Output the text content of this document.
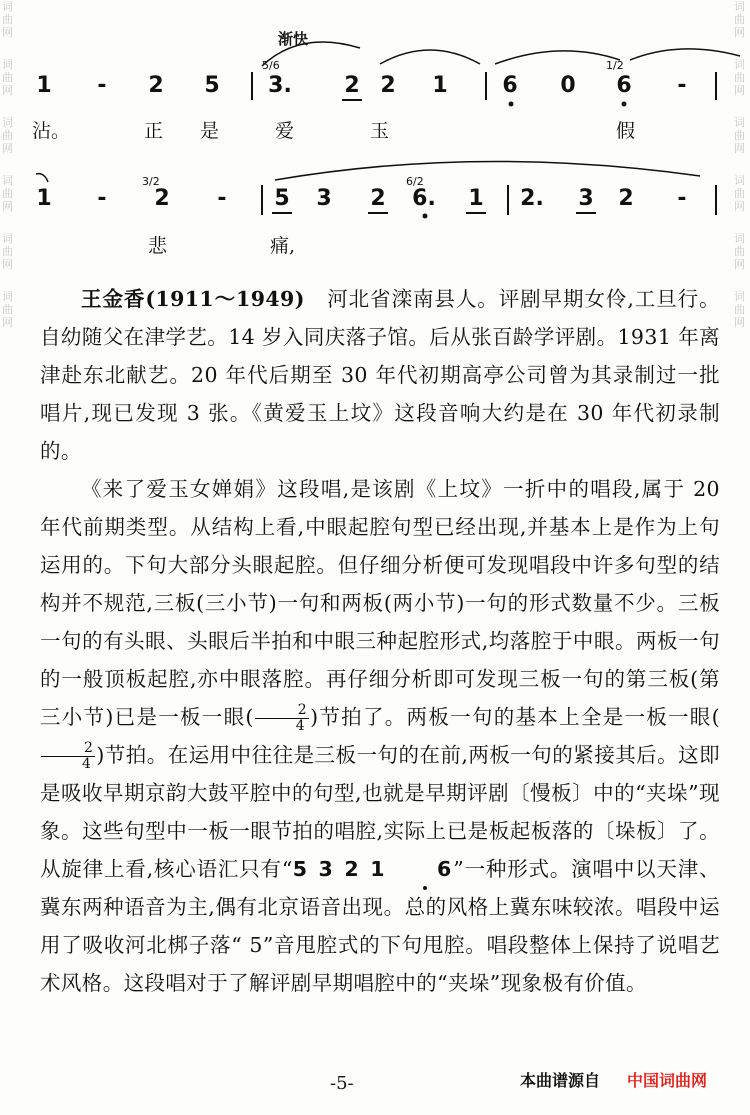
词
曲
网
词
曲
网
词
曲
网
词
曲
网
词
曲
网
词
曲
网
词
曲
网
词
曲
网
词
曲
网
词
曲
网
词
曲
网
词
曲
网
渐快
1	-	2 5 3. 2 2 1 6 0 6	-
沾。	正 是	爱	玉	假
1	-	2	-	5 3 2 6. 1 2. 3 2	-
悲	痛,
5/6	1/2
3/2	6/2

王金香(1911～1949) 河北省滦南县人。评剧早期女伶,工旦行。自幼随父在津学艺。14 岁入同庆落子馆。后从张百龄学评剧。1931 年离津赴东北献艺。20 年代后期至 30 年代初期高亭公司曾为其录制过一批唱片,现已发现 3 张。《黄爱玉上坟》这段音响大约是在 30 年代初录制的。

《来了爱玉女婵娟》这段唱,是该剧《上坟》一折中的唱段,属于 20 年代前期类型。从结构上看,中眼起腔句型已经出现,并基本上是作为上句运用的。下句大部分头眼起腔。但仔细分析便可发现唱段中许多句型的结构并不规范,三板(三小节)一句和两板(两小节)一句的形式数量不少。三板一句的有头眼、头眼后半拍和中眼三种起腔形式,均落腔于中眼。两板一句的一般顶板起腔,亦中眼落腔。再仔细分析即可发现三板一句的第三板(第三小节)已是一板一眼( $\frac{2}{4}$ )节拍了。两板一句的基本上全是一板一眼(
$\frac{2}{4}$ )节拍。在运用中往往是三板一句的在前,两板一句的紧接其后。这即是吸收早期京韵大鼓平腔中的句型,也就是早期评剧〔慢板〕中的“夹垛”现象。这些句型中一板一眼节拍的唱腔,实际上已是板起板落的〔垛板〕了。从旋律上看,核心语汇只有“5 3 2 1 6”一种形式。演唱中以天津、冀东两种语音为主,偶有北京语音出现。总的风格上冀东味较浓。唱段中运用了吸收河北梆子落“ 5”音甩腔式的下句甩腔。唱段整体上保持了说唱艺术风格。这段唱对于了解评剧早期唱腔中的“夹垛”现象极有价值。

-5-	本曲谱源自 中国词曲网
